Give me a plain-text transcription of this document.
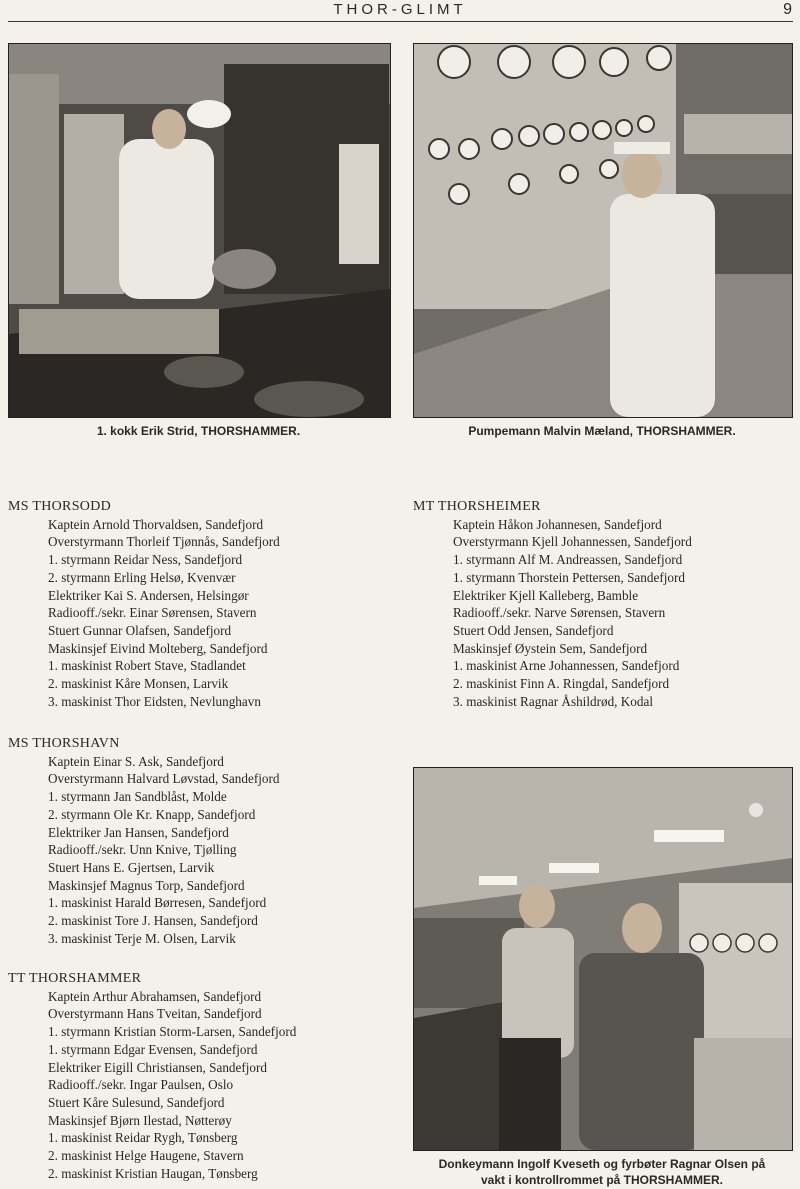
THOR-GLIMT	9
1. kokk Erik Strid, THORSHAMMER.	Pumpemann Malvin Mæland, THORSHAMMER.
MS THORSODD
Kaptein Arnold Thorvaldsen, Sandefjord
Overstyrmann Thorleif Tjønnås, Sandefjord
1. styrmann Reidar Ness, Sandefjord
2. styrmann Erling Helsø, Kvenvær
Elektriker Kai S. Andersen, Helsingør
Radiooff./sekr. Einar Sørensen, Stavern
Stuert Gunnar Olafsen, Sandefjord
Maskinsjef Eivind Molteberg, Sandefjord
1. maskinist Robert Stave, Stadlandet
2. maskinist Kåre Monsen, Larvik
3. maskinist Thor Eidsten, Nevlunghavn
MT THORSHEIMER
Kaptein Håkon Johannesen, Sandefjord
Overstyrmann Kjell Johannessen, Sandefjord
1. styrmann Alf M. Andreassen, Sandefjord
1. styrmann Thorstein Pettersen, Sandefjord
Elektriker Kjell Kalleberg, Bamble
Radiooff./sekr. Narve Sørensen, Stavern
Stuert Odd Jensen, Sandefjord
Maskinsjef Øystein Sem, Sandefjord
1. maskinist Arne Johannessen, Sandefjord
2. maskinist Finn A. Ringdal, Sandefjord
3. maskinist Ragnar Åshildrød, Kodal
MS THORSHAVN
Kaptein Einar S. Ask, Sandefjord
Overstyrmann Halvard Løvstad, Sandefjord
1. styrmann Jan Sandblåst, Molde
2. styrmann Ole Kr. Knapp, Sandefjord
Elektriker Jan Hansen, Sandefjord
Radiooff./sekr. Unn Knive, Tjølling
Stuert Hans E. Gjertsen, Larvik
Maskinsjef Magnus Torp, Sandefjord
1. maskinist Harald Børresen, Sandefjord
2. maskinist Tore J. Hansen, Sandefjord
3. maskinist Terje M. Olsen, Larvik
TT THORSHAMMER
Kaptein Arthur Abrahamsen, Sandefjord
Overstyrmann Hans Tveitan, Sandefjord
1. styrmann Kristian Storm-Larsen, Sandefjord
1. styrmann Edgar Evensen, Sandefjord
Elektriker Eigill Christiansen, Sandefjord
Radiooff./sekr. Ingar Paulsen, Oslo
Stuert Kåre Sulesund, Sandefjord
Maskinsjef Bjørn Ilestad, Nøtterøy
1. maskinist Reidar Rygh, Tønsberg
2. maskinist Helge Haugene, Stavern
2. maskinist Kristian Haugan, Tønsberg
Donkeymann Ingolf Kveseth og fyrbøter Ragnar Olsen på
vakt i kontrollrommet på THORSHAMMER.
